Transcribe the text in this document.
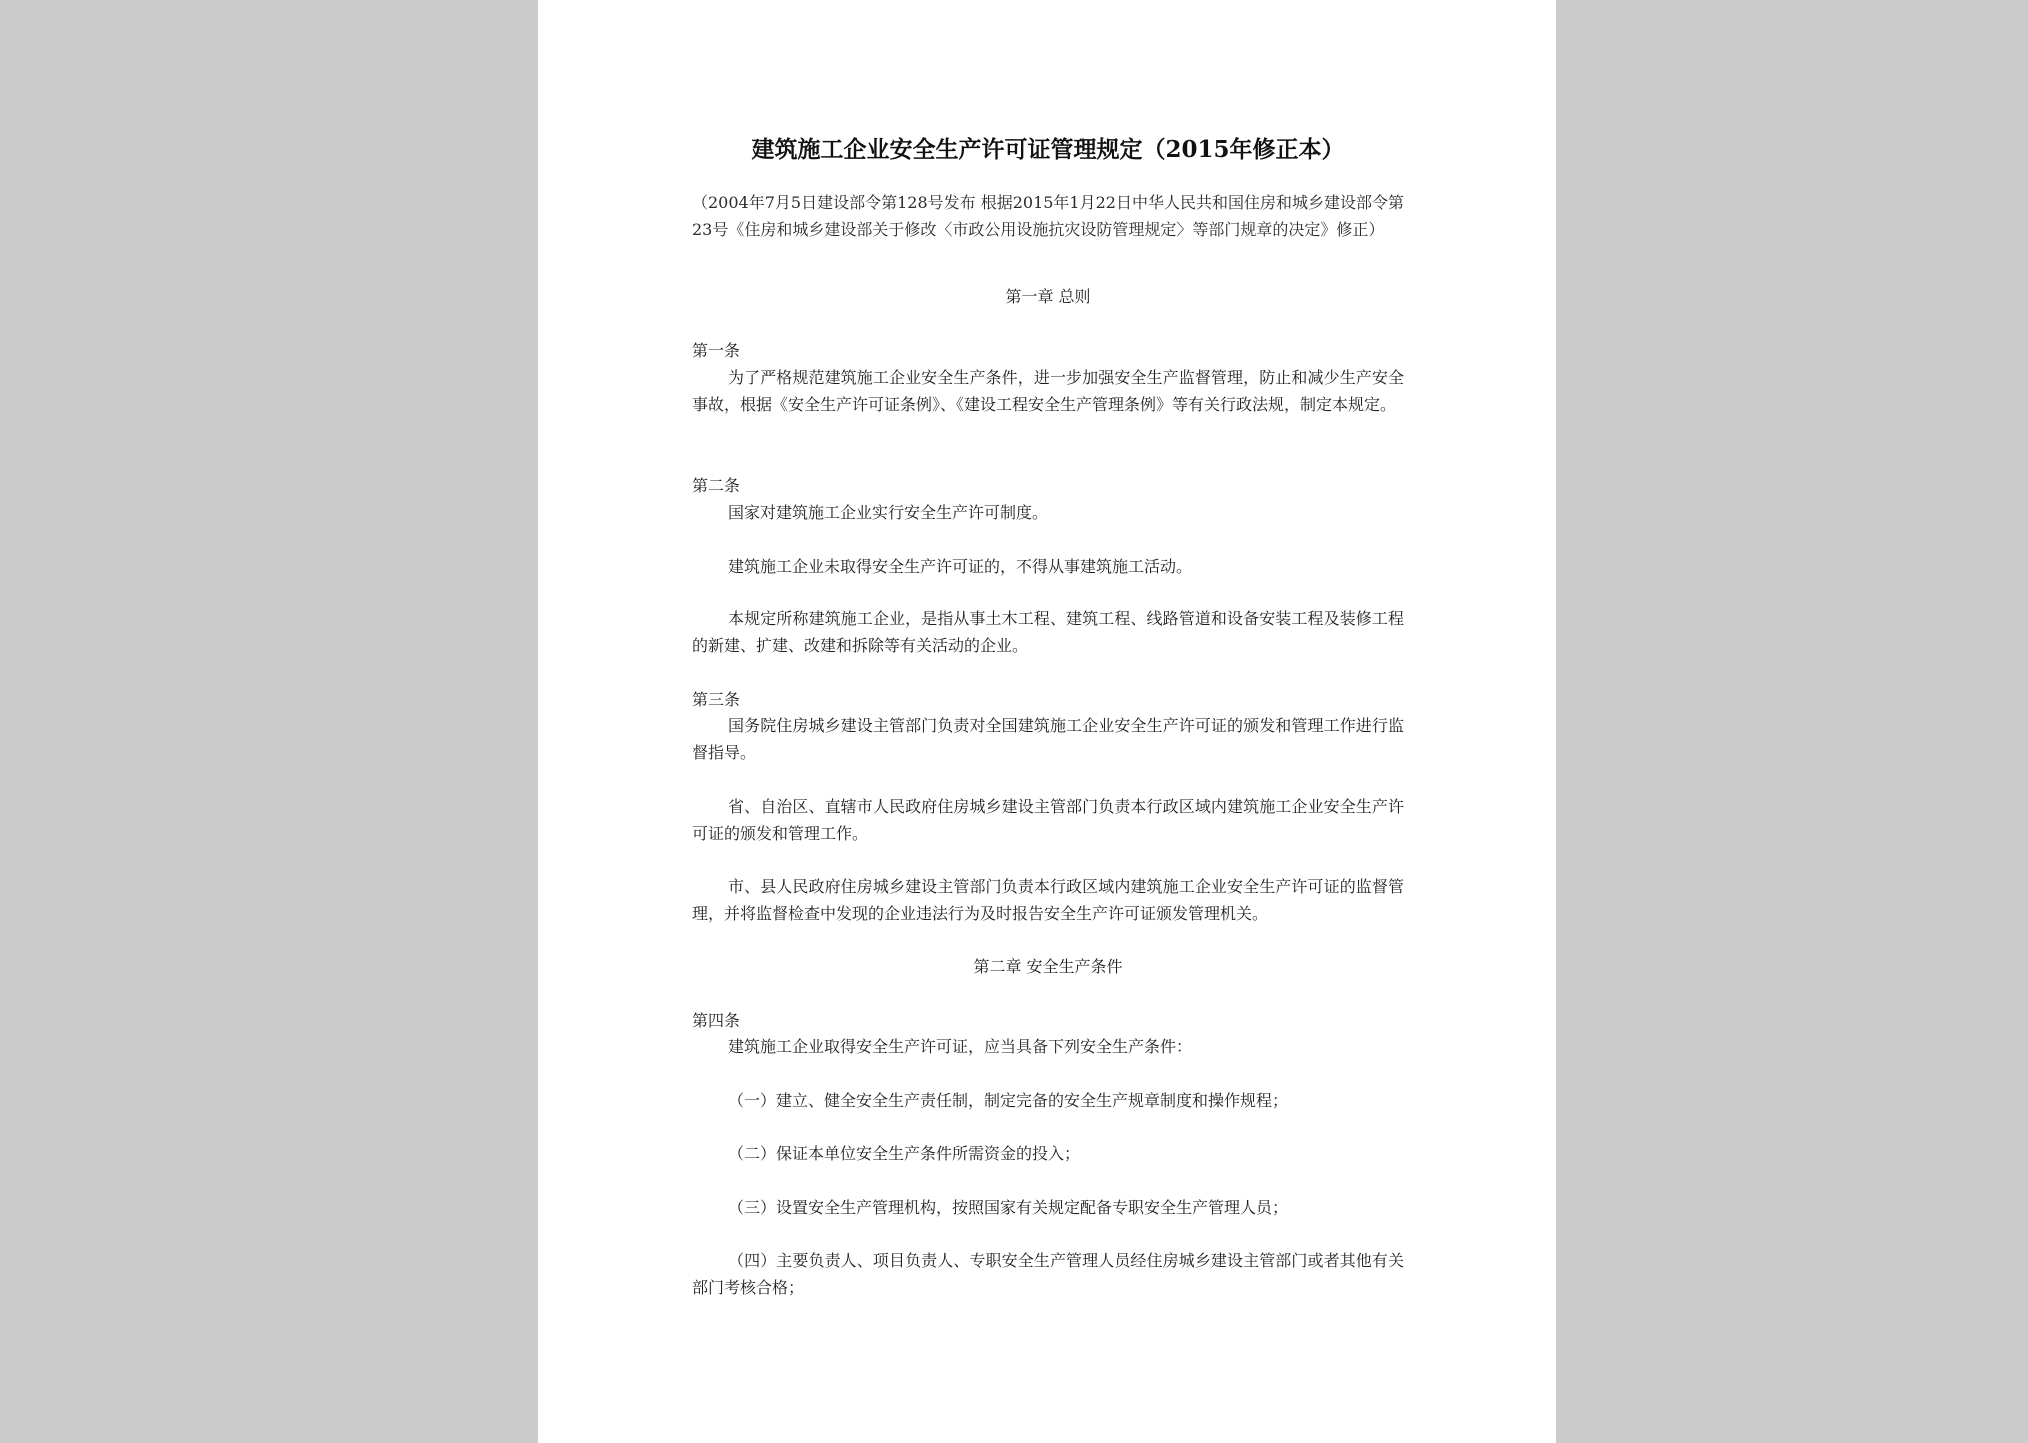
建筑施工企业安全生产许可证管理规定（2015年修正本）
（2004年7月5日建设部令第128号发布 根据2015年1月22日中华人民共和国住房和城乡建设部令第23号《住房和城乡建设部关于修改〈市政公用设施抗灾设防管理规定〉等部门规章的决定》修正）
第一章 总则
第一条
为了严格规范建筑施工企业安全生产条件，进一步加强安全生产监督管理，防止和减少生产安全事故，根据《安全生产许可证条例》、《建设工程安全生产管理条例》等有关行政法规，制定本规定。
第二条
国家对建筑施工企业实行安全生产许可制度。
建筑施工企业未取得安全生产许可证的，不得从事建筑施工活动。
本规定所称建筑施工企业，是指从事土木工程、建筑工程、线路管道和设备安装工程及装修工程的新建、扩建、改建和拆除等有关活动的企业。
第三条
国务院住房城乡建设主管部门负责对全国建筑施工企业安全生产许可证的颁发和管理工作进行监督指导。
省、自治区、直辖市人民政府住房城乡建设主管部门负责本行政区域内建筑施工企业安全生产许可证的颁发和管理工作。
市、县人民政府住房城乡建设主管部门负责本行政区域内建筑施工企业安全生产许可证的监督管理，并将监督检查中发现的企业违法行为及时报告安全生产许可证颁发管理机关。
第二章 安全生产条件
第四条
建筑施工企业取得安全生产许可证，应当具备下列安全生产条件：
（一）建立、健全安全生产责任制，制定完备的安全生产规章制度和操作规程；
（二）保证本单位安全生产条件所需资金的投入；
（三）设置安全生产管理机构，按照国家有关规定配备专职安全生产管理人员；
（四）主要负责人、项目负责人、专职安全生产管理人员经住房城乡建设主管部门或者其他有关部门考核合格；
